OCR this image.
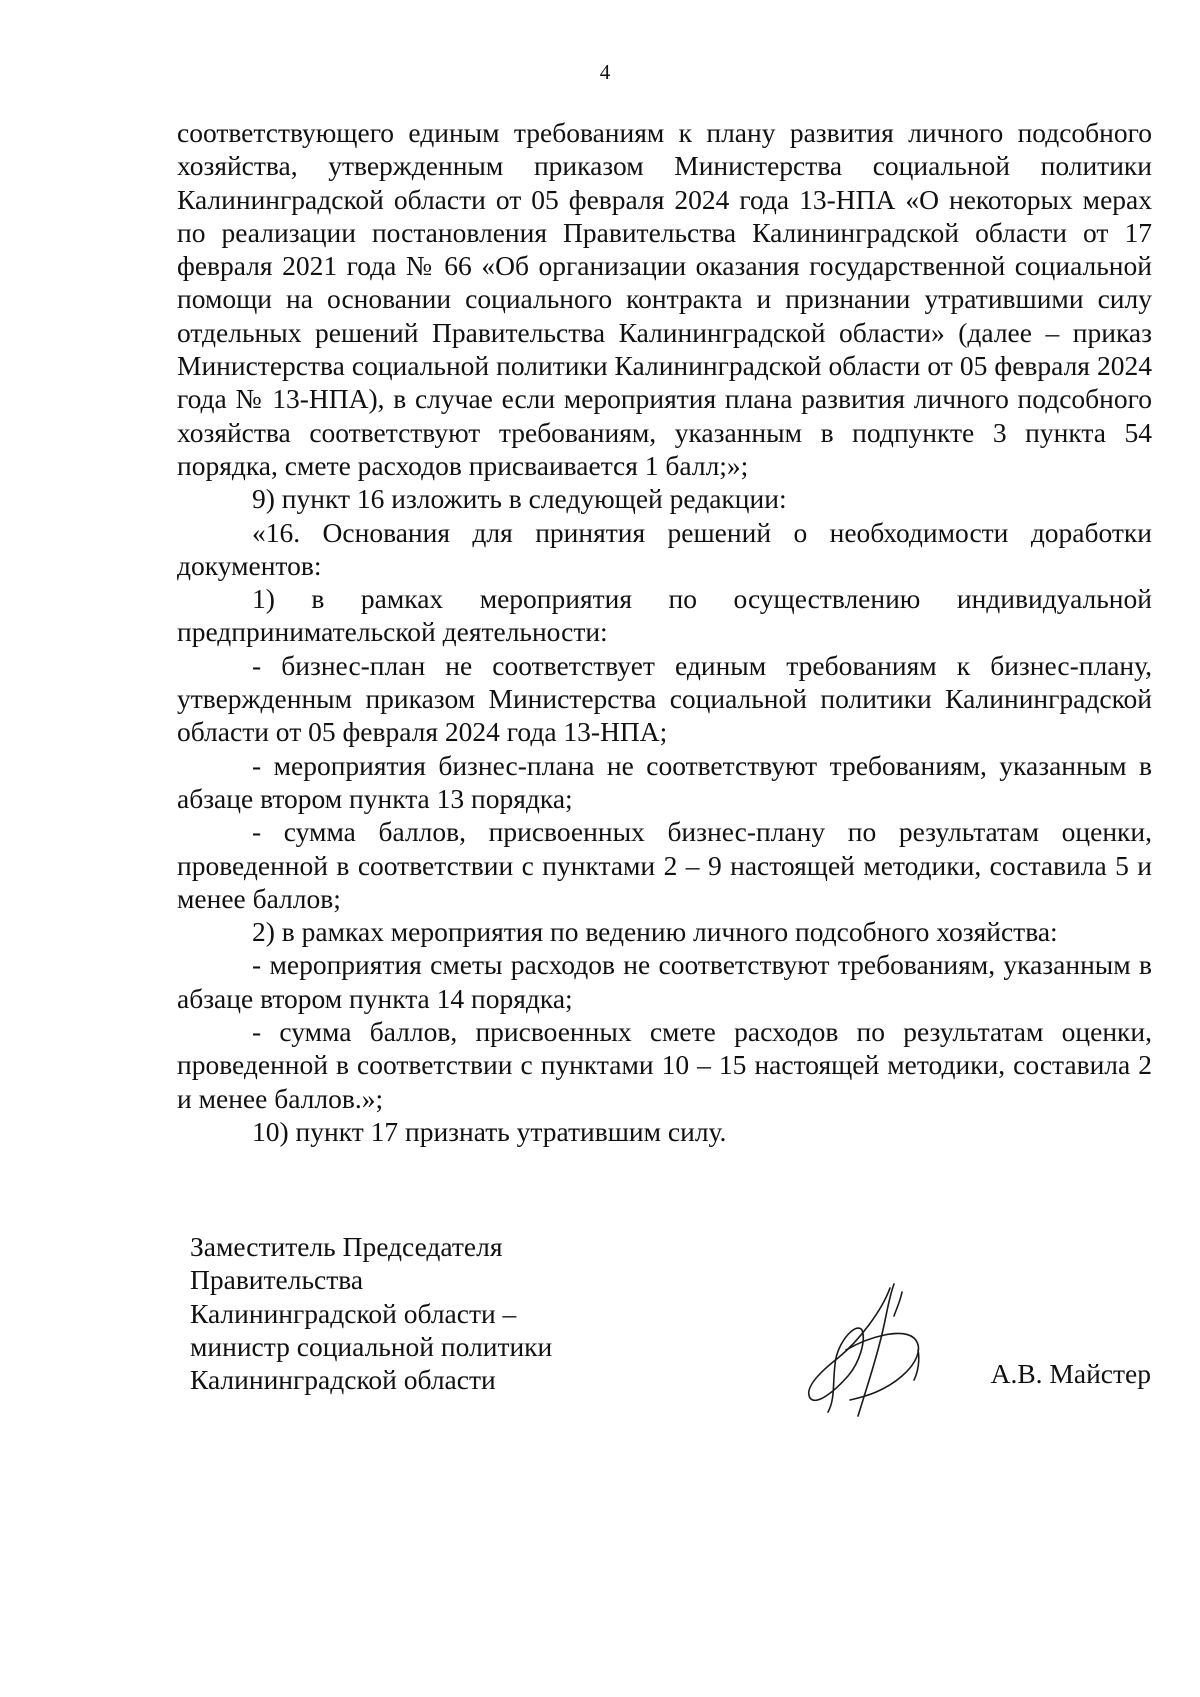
4

соответствующего единым требованиям к плану развития личного подсобного хозяйства, утвержденным приказом Министерства социальной политики Калининградской области от 05 февраля 2024 года 13-НПА «О некоторых мерах по реализации постановления Правительства Калининградской области от 17 февраля 2021 года № 66 «Об организации оказания государственной социальной помощи на основании социального контракта и признании утратившими силу отдельных решений Правительства Калининградской области» (далее – приказ Министерства социальной политики Калининградской области от 05 февраля 2024 года № 13-НПА), в случае если мероприятия плана развития личного подсобного хозяйства соответствуют требованиям, указанным в подпункте 3 пункта 54 порядка, смете расходов присваивается 1 балл;»;

9) пункт 16 изложить в следующей редакции:

«16. Основания для принятия решений о необходимости доработки документов:

1) в рамках мероприятия по осуществлению индивидуальной предпринимательской деятельности:

- бизнес-план не соответствует единым требованиям к бизнес-плану, утвержденным приказом Министерства социальной политики Калининградской области от 05 февраля 2024 года 13-НПА;

- мероприятия бизнес-плана не соответствуют требованиям, указанным в абзаце втором пункта 13 порядка;

- сумма баллов, присвоенных бизнес-плану по результатам оценки, проведенной в соответствии с пунктами 2 – 9 настоящей методики, составила 5 и менее баллов;

2) в рамках мероприятия по ведению личного подсобного хозяйства:

- мероприятия сметы расходов не соответствуют требованиям, указанным в абзаце втором пункта 14 порядка;

- сумма баллов, присвоенных смете расходов по результатам оценки, проведенной в соответствии с пунктами 10 – 15 настоящей методики, составила 2 и менее баллов.»;

10) пункт 17 признать утратившим силу.

Заместитель Председателя
Правительства
Калининградской области –
министр социальной политики
Калининградской области	А.В. Майстер
